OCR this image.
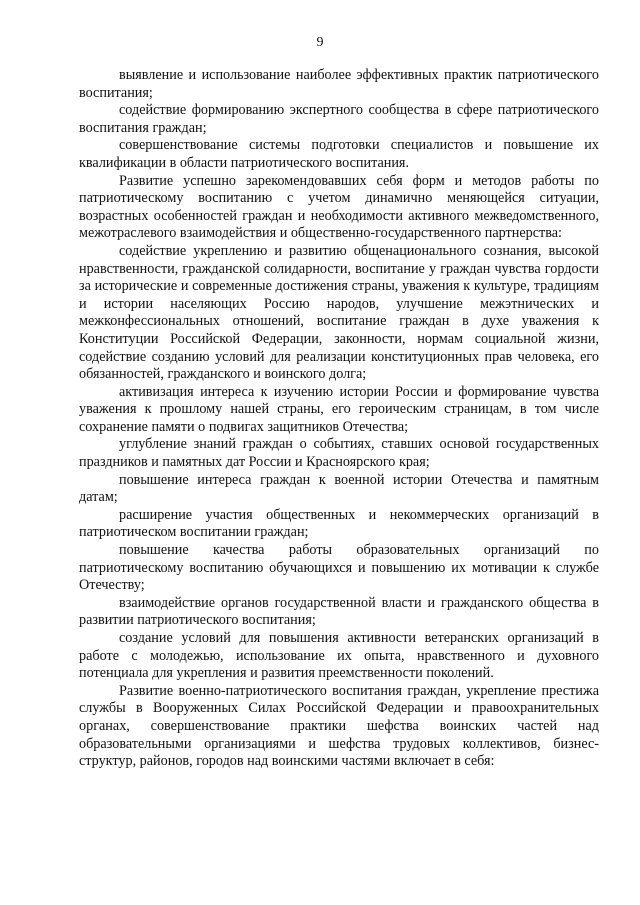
9

выявление и использование наиболее эффективных практик патриотического воспитания;

содействие формированию экспертного сообщества в сфере патриотического воспитания граждан;

совершенствование системы подготовки специалистов и повышение их квалификации в области патриотического воспитания.

Развитие успешно зарекомендовавших себя форм и методов работы по патриотическому воспитанию с учетом динамично меняющейся ситуации, возрастных особенностей граждан и необходимости активного межведомственного, межотраслевого взаимодействия и общественно-государственного партнерства:

содействие укреплению и развитию общенационального сознания, высокой нравственности, гражданской солидарности, воспитание у граждан чувства гордости за исторические и современные достижения страны, уважения к культуре, традициям и истории населяющих Россию народов, улучшение межэтнических и межконфессиональных отношений, воспитание граждан в духе уважения к Конституции Российской Федерации, законности, нормам социальной жизни, содействие созданию условий для реализации конституционных прав человека, его обязанностей, гражданского и воинского долга;

активизация интереса к изучению истории России и формирование чувства уважения к прошлому нашей страны, его героическим страницам, в том числе сохранение памяти о подвигах защитников Отечества;

углубление знаний граждан о событиях, ставших основой государственных праздников и памятных дат России и Красноярского края;

повышение интереса граждан к военной истории Отечества и памятным датам;

расширение участия общественных и некоммерческих организаций в патриотическом воспитании граждан;

повышение качества работы образовательных организаций по патриотическому воспитанию обучающихся и повышению их мотивации к службе Отечеству;

взаимодействие органов государственной власти и гражданского общества в развитии патриотического воспитания;

создание условий для повышения активности ветеранских организаций в работе с молодежью, использование их опыта, нравственного и духовного потенциала для укрепления и развития преемственности поколений.

Развитие военно-патриотического воспитания граждан, укрепление престижа службы в Вооруженных Силах Российской Федерации и правоохранительных органах, совершенствование практики шефства воинских частей над образовательными организациями и шефства трудовых коллективов, бизнес-структур, районов, городов над воинскими частями включает в себя:
